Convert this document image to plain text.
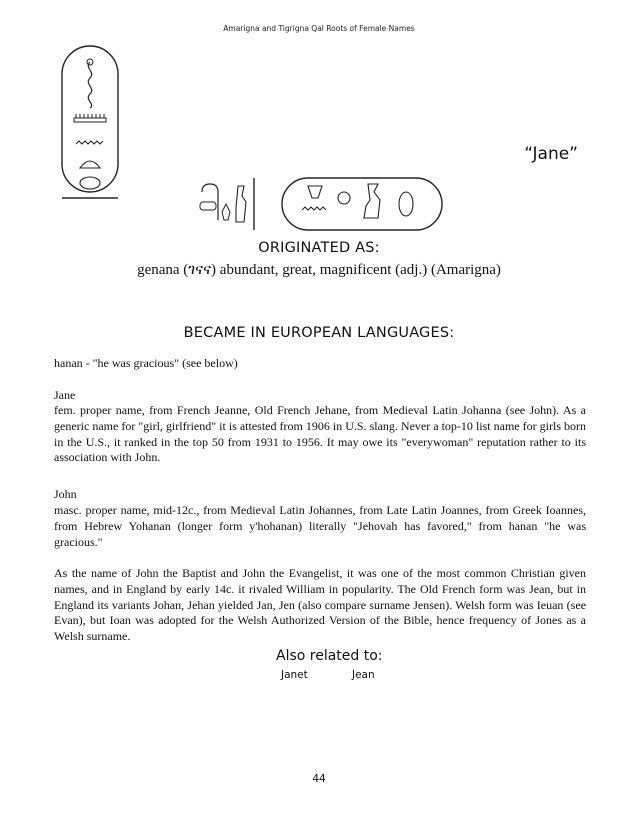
Amarigna and Tigrigna Qal Roots of Female Names
“Jane”
ORIGINATED AS:
genana (ገናና) abundant, great, magnificent (adj.) (Amarigna)
BECAME IN EUROPEAN LANGUAGES:

hanan - "he was gracious" (see below)

Jane

fem. proper name, from French Jeanne, Old French Jehane, from Medieval Latin Johanna (see John). As a generic name for "girl, girlfriend" it is attested from 1906 in U.S. slang. Never a top-10 list name for girls born in the U.S., it ranked in the top 50 from 1931 to 1956. It may owe its "everywoman" reputation rather to its association with John.

John

masc. proper name, mid-12c., from Medieval Latin Johannes, from Late Latin Joannes, from Greek Ioannes, from Hebrew Yohanan (longer form y'hohanan) literally "Jehovah has favored," from hanan "he was gracious."

As the name of John the Baptist and John the Evangelist, it was one of the most common Christian given names, and in England by early 14c. it rivaled William in popularity. The Old French form was Jean, but in England its variants Johan, Jehan yielded Jan, Jen (also compare surname Jensen). Welsh form was Ieuan (see Evan), but Ioan was adopted for the Welsh Authorized Version of the Bible, hence frequency of Jones as a Welsh surname.

Also related to:
Janet	Jean
44
